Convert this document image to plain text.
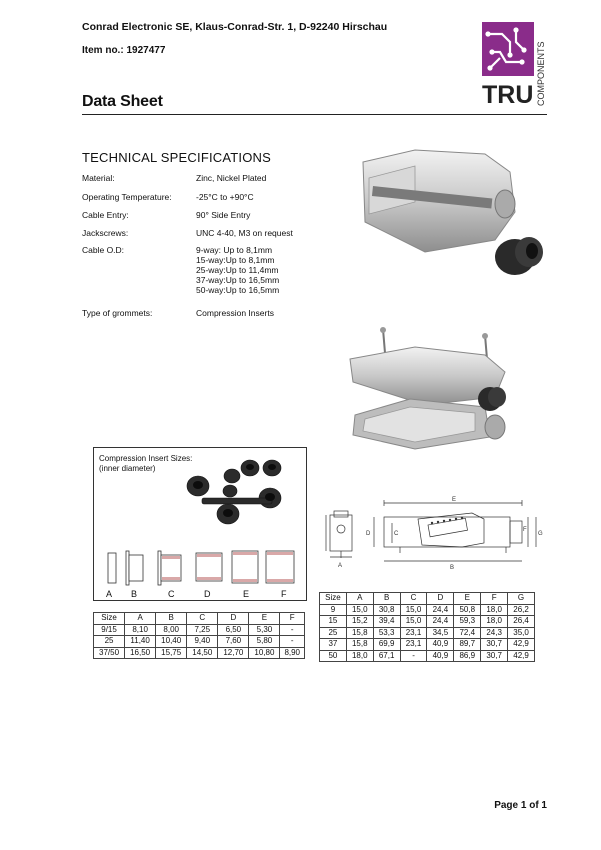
Conrad Electronic SE, Klaus-Conrad-Str. 1, D-92240 Hirschau
Item no.: 1927477
Data Sheet	TRU COMPONENTS
TECHNICAL SPECIFICATIONS
Material:	Zinc, Nickel Plated
Operating Temperature:	-25°C to +90°C
Cable Entry:	90° Side Entry
Jackscrews:	UNC 4-40, M3 on request
Cable O.D:	9-way: Up to 8,1mm
15-way:Up to 8,1mm
25-way:Up to 11,4mm
37-way:Up to 16,5mm
50-way:Up to 16,5mm
Type of grommets:	Compression Inserts
Compression Insert Sizes:
(inner diameter)
A B	C	D	E	F
Size	A	B	C	D	E	F
9/15	8,10	8,00	7,25	6,50	5,30	-
25	11,40	10,40	9,40	7,60	5,80	-
37/50	16,50	15,75	14,50	12,70	10,80	8,90
E
D	C
F
G
A	B
Size	A	B	C	D	E	F	G
9	15,0	30,8	15,0	24,4	50,8	18,0	26,2
15	15,2	39,4	15,0	24,4	59,3	18,0	26,4
25	15,8	53,3	23,1	34,5	72,4	24,3	35,0
37	15,8	69,9	23,1	40,9	89,7	30,7	42,9
50	18,0	67,1	-	40,9	86,9	30,7	42,9
Page 1 of 1
